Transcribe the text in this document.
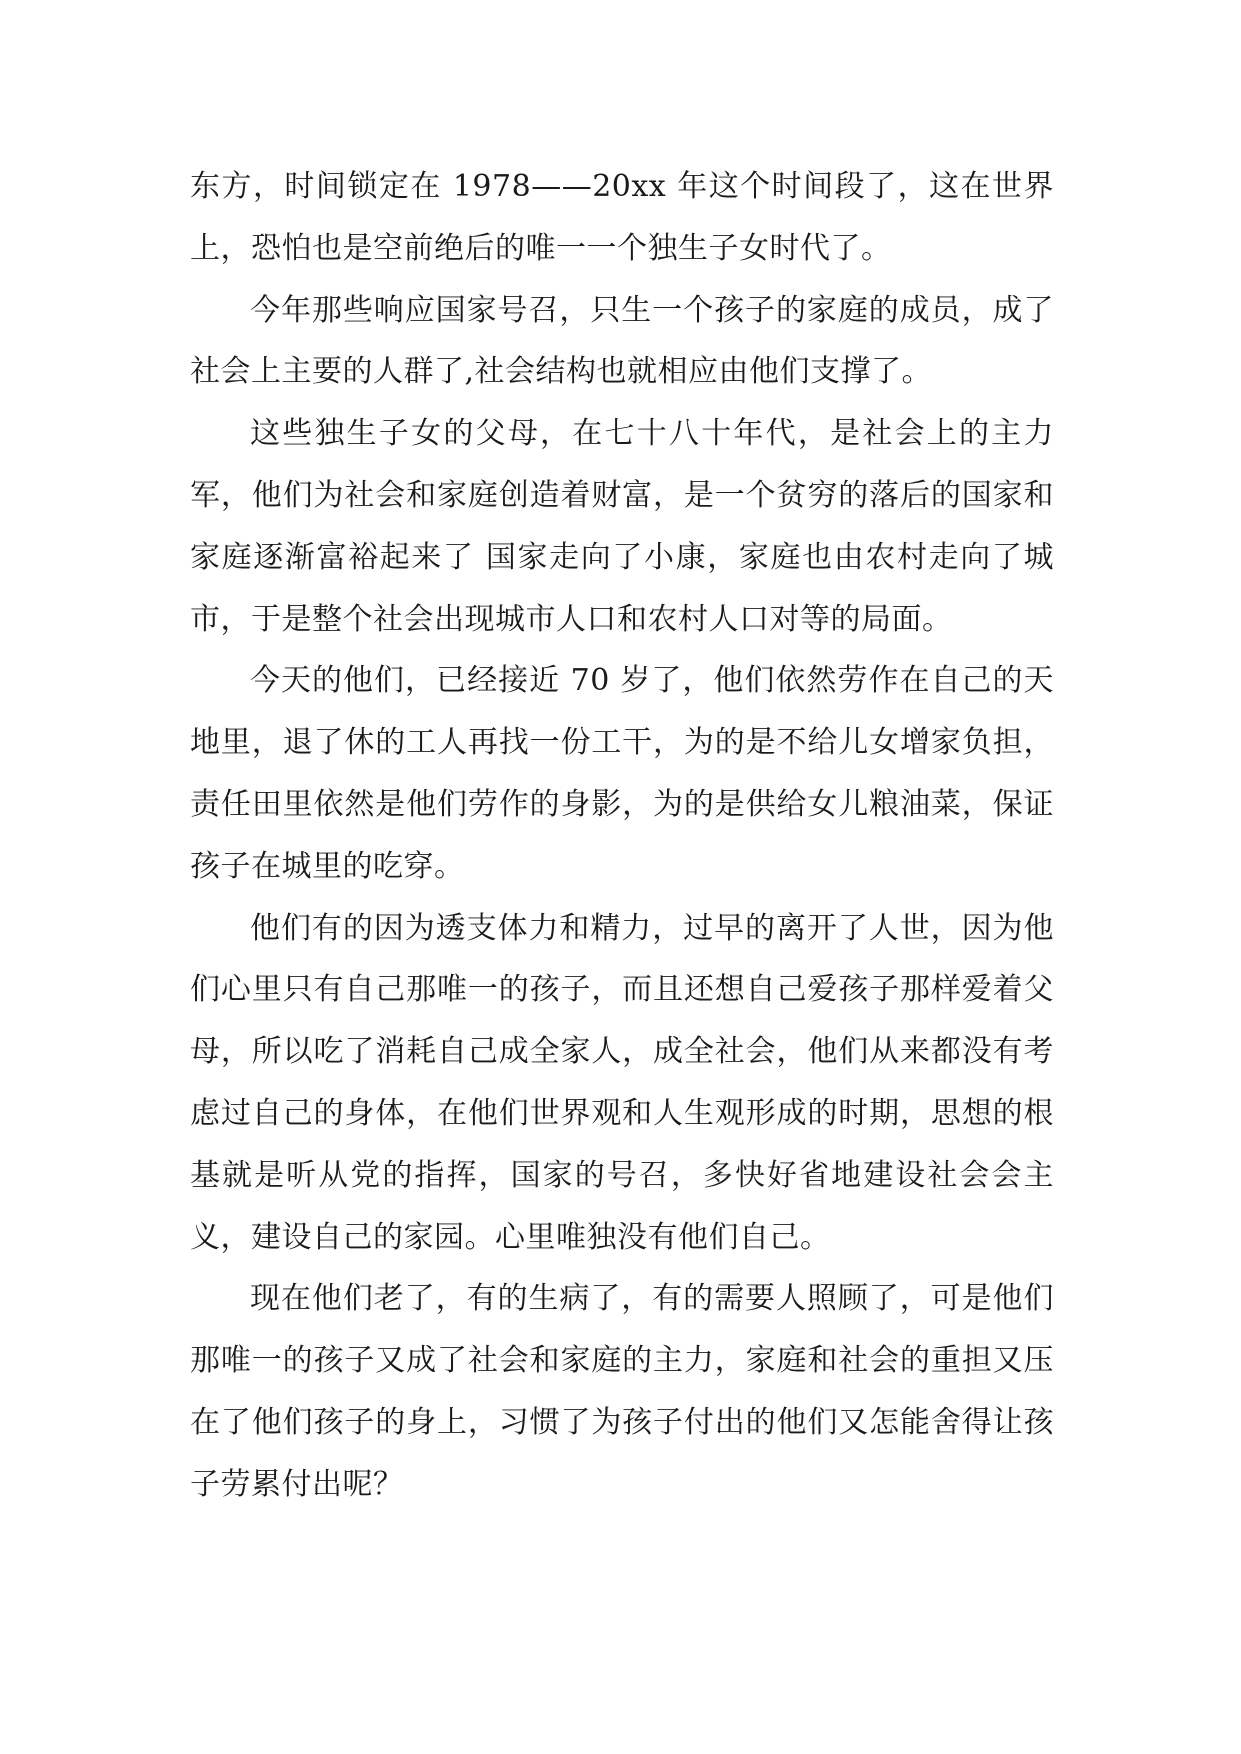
东方，时间锁定在 1978——20xx 年这个时间段了，这在世界上，恐怕也是空前绝后的唯一一个独生子女时代了。

今年那些响应国家号召，只生一个孩子的家庭的成员，成了社会上主要的人群了,社会结构也就相应由他们支撑了。

这些独生子女的父母，在七十八十年代，是社会上的主力军，他们为社会和家庭创造着财富，是一个贫穷的落后的国家和家庭逐渐富裕起来了 国家走向了小康，家庭也由农村走向了城市，于是整个社会出现城市人口和农村人口对等的局面。

今天的他们，已经接近 70 岁了，他们依然劳作在自己的天地里，退了休的工人再找一份工干，为的是不给儿女增家负担，责任田里依然是他们劳作的身影，为的是供给女儿粮油菜，保证孩子在城里的吃穿。

他们有的因为透支体力和精力，过早的离开了人世，因为他们心里只有自己那唯一的孩子，而且还想自己爱孩子那样爱着父母，所以吃了消耗自己成全家人，成全社会，他们从来都没有考虑过自己的身体，在他们世界观和人生观形成的时期，思想的根基就是听从党的指挥，国家的号召，多快好省地建设社会会主义，建设自己的家园。心里唯独没有他们自己。

现在他们老了，有的生病了，有的需要人照顾了，可是他们那唯一的孩子又成了社会和家庭的主力，家庭和社会的重担又压在了他们孩子的身上，习惯了为孩子付出的他们又怎能舍得让孩子劳累付出呢？
